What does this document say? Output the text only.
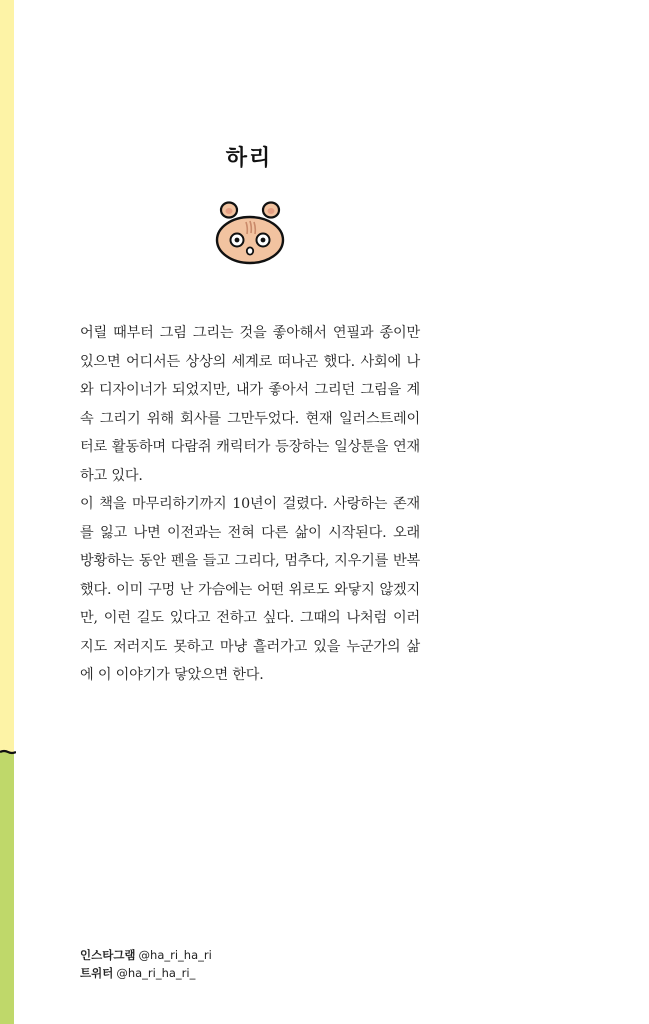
하리

어릴 때부터 그림 그리는 것을 좋아해서 연필과 종이만 있으면 어디서든 상상의 세계로 떠나곤 했다. 사회에 나와 디자이너가 되었지만, 내가 좋아서 그리던 그림을 계속 그리기 위해 회사를 그만두었다. 현재 일러스트레이터로 활동하며 다람쥐 캐릭터가 등장하는 일상툰을 연재하고 있다.

이 책을 마무리하기까지 10년이 걸렸다. 사랑하는 존재를 잃고 나면 이전과는 전혀 다른 삶이 시작된다. 오래 방황하는 동안 펜을 들고 그리다, 멈추다, 지우기를 반복했다. 이미 구멍 난 가슴에는 어떤 위로도 와닿지 않겠지만, 이런 길도 있다고 전하고 싶다. 그때의 나처럼 이러지도 저러지도 못하고 마냥 흘러가고 있을 누군가의 삶에 이 이야기가 닿았으면 한다.

인스타그램 @ha_ri_ha_ri
트위터 @ha_ri_ha_ri_
